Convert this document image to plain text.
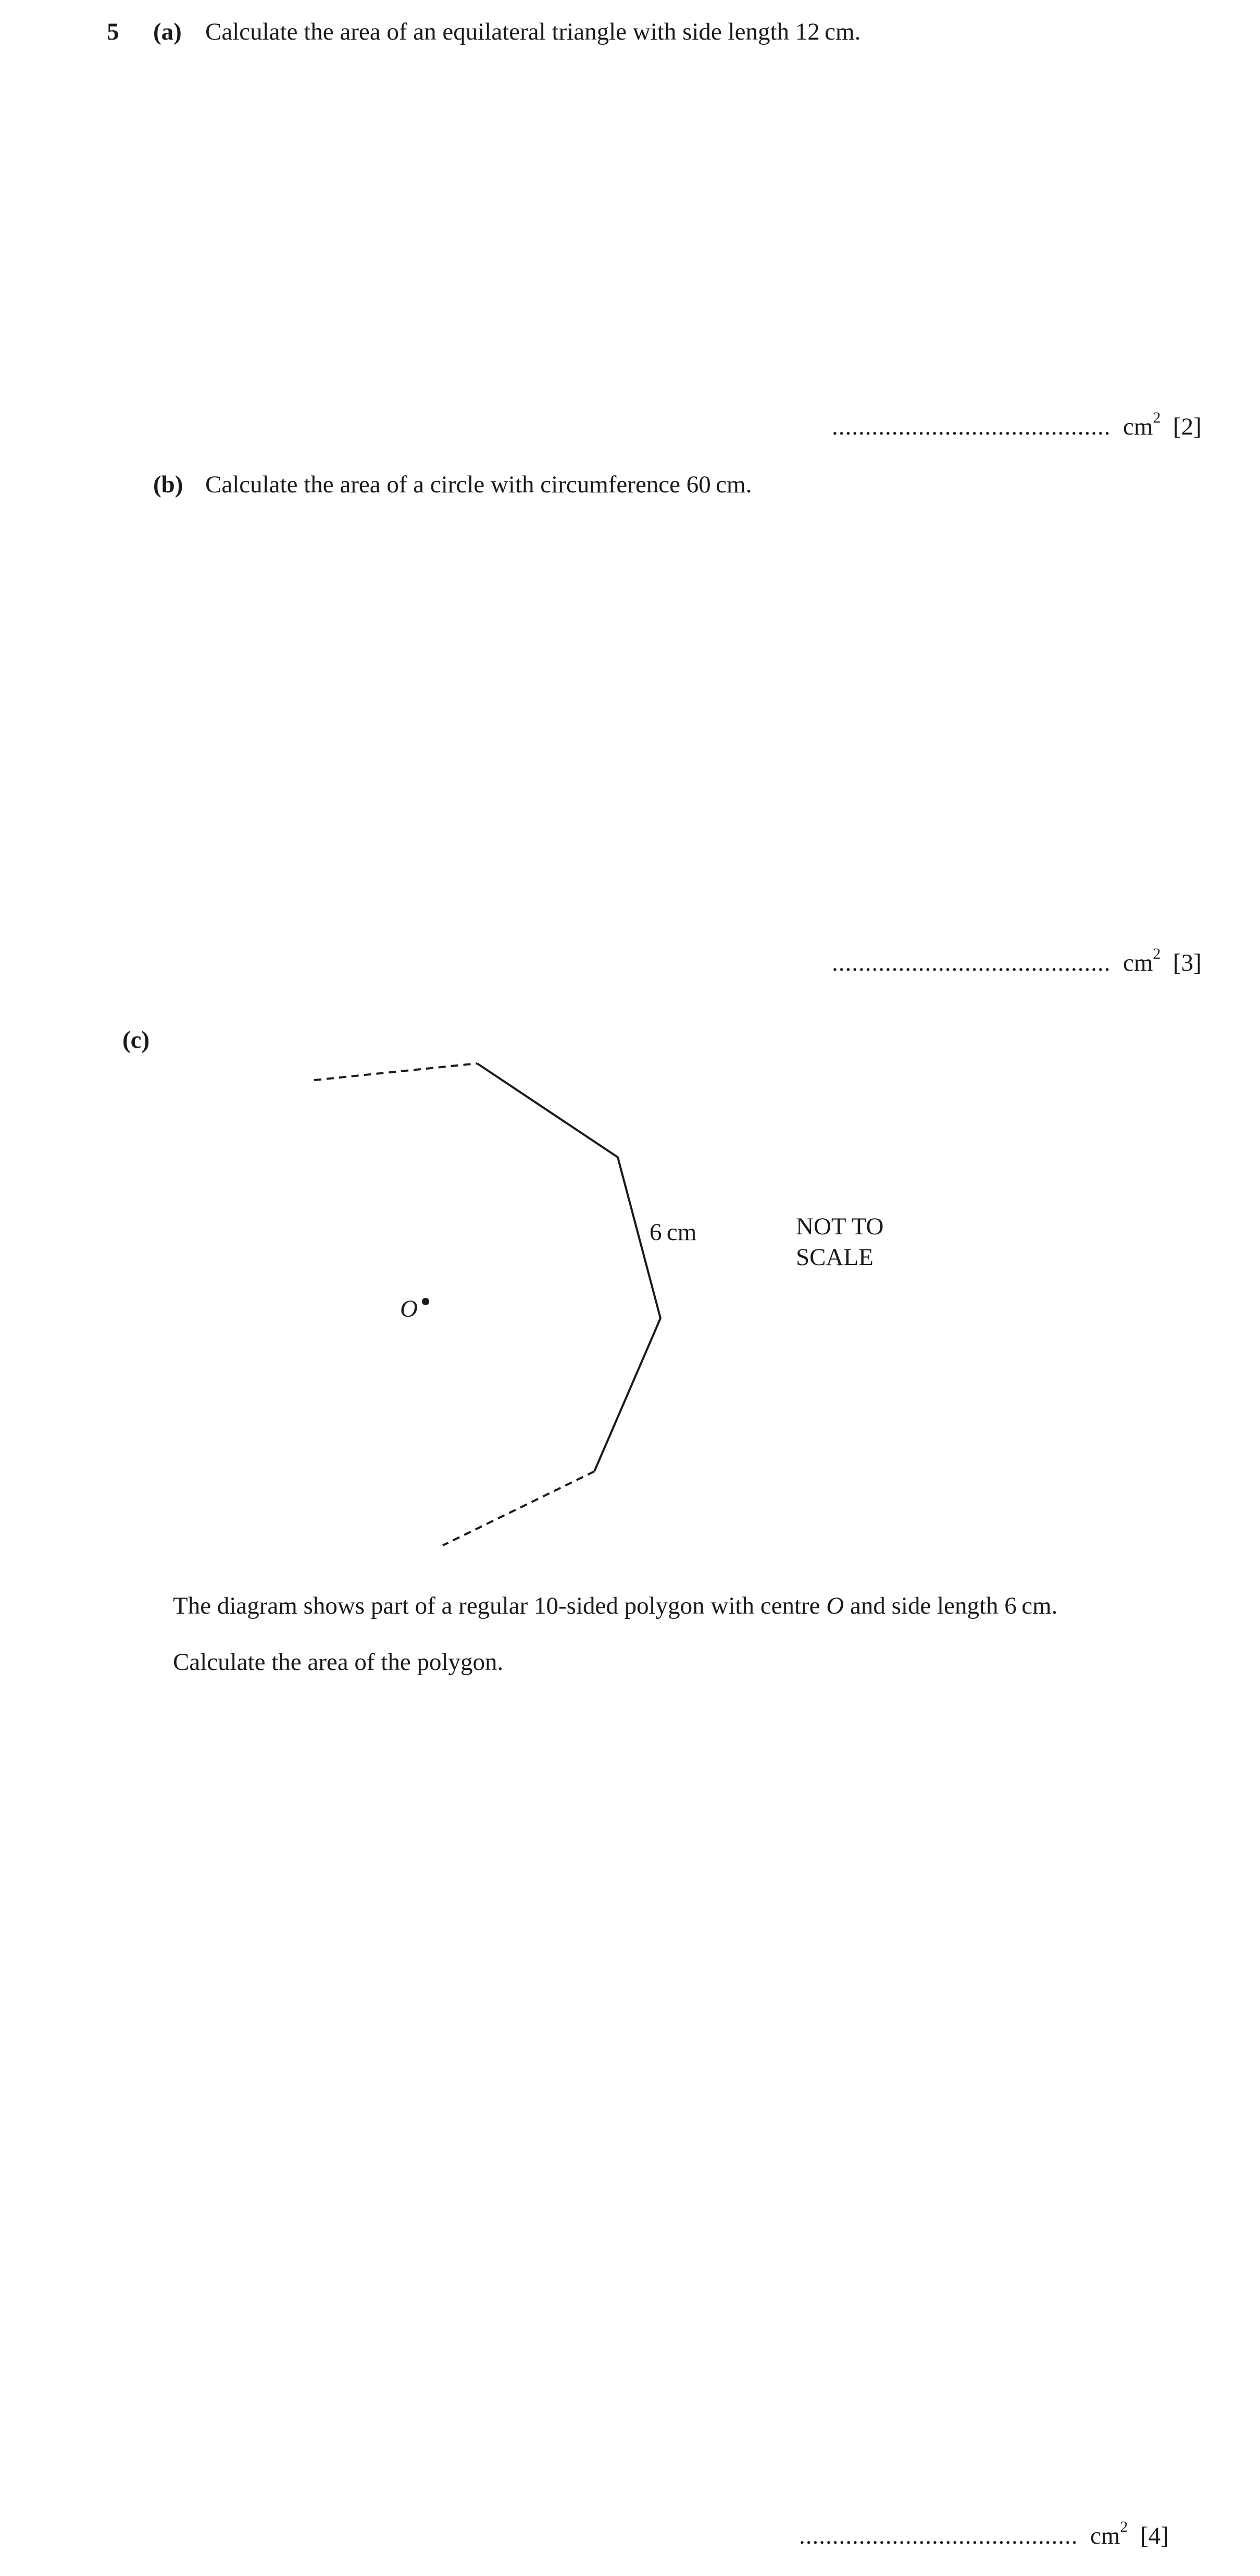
5 (a) Calculate the area of an equilateral triangle with side length 12 cm.
.......................................... $cm^2$ [2]
(b) Calculate the area of a circle with circumference 60 cm.
.......................................... $cm^2$ [3]
(c)
6 cm
O
NOT TO
SCALE
The diagram shows part of a regular 10-sided polygon with centre O and side length 6 cm.
Calculate the area of the polygon.
.......................................... $cm^2$ [4]
